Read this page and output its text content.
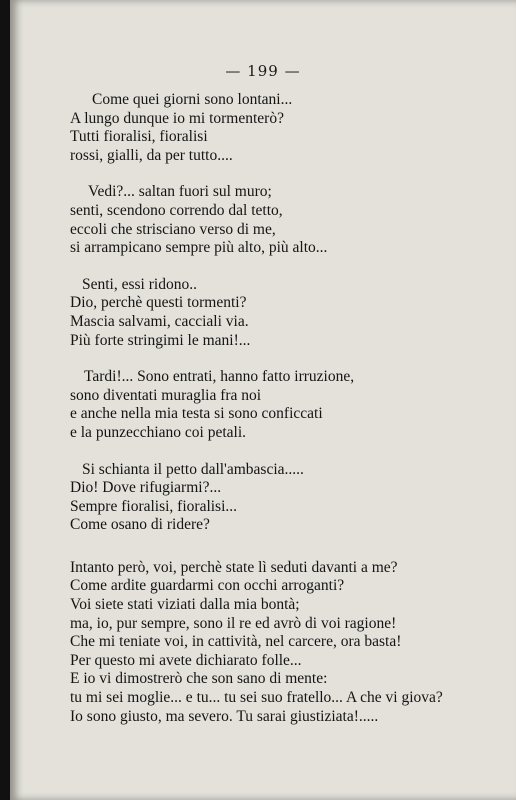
— 199 —
Come quei giorni sono lontani...
A lungo dunque io mi tormenterò?
Tutti fioralisi, fioralisi
rossi, gialli, da per tutto....
Vedi?... saltan fuori sul muro;
senti, scendono correndo dal tetto,
eccoli che strisciano verso di me,
si arrampicano sempre più alto, più alto...
Senti, essi ridono..
Dio, perchè questi tormenti?
Mascia salvami, cacciali via.
Più forte stringimi le mani!...
Tardi!... Sono entrati, hanno fatto irruzione,
sono diventati muraglia fra noi
e anche nella mia testa si sono conficcati
e la punzecchiano coi petali.
Si schianta il petto dall'ambascia.....
Dio! Dove rifugiarmi?...
Sempre fioralisi, fioralisi...
Come osano di ridere?
Intanto però, voi, perchè state lì seduti davanti a me?
Come ardite guardarmi con occhi arroganti?
Voi siete stati viziati dalla mia bontà;
ma, io, pur sempre, sono il re ed avrò di voi ragione!
Che mi teniate voi, in cattività, nel carcere, ora basta!
Per questo mi avete dichiarato folle...
E io vi dimostrerò che son sano di mente:
tu mi sei moglie... e tu... tu sei suo fratello... A che vi giova?
Io sono giusto, ma severo. Tu sarai giustiziata!.....
